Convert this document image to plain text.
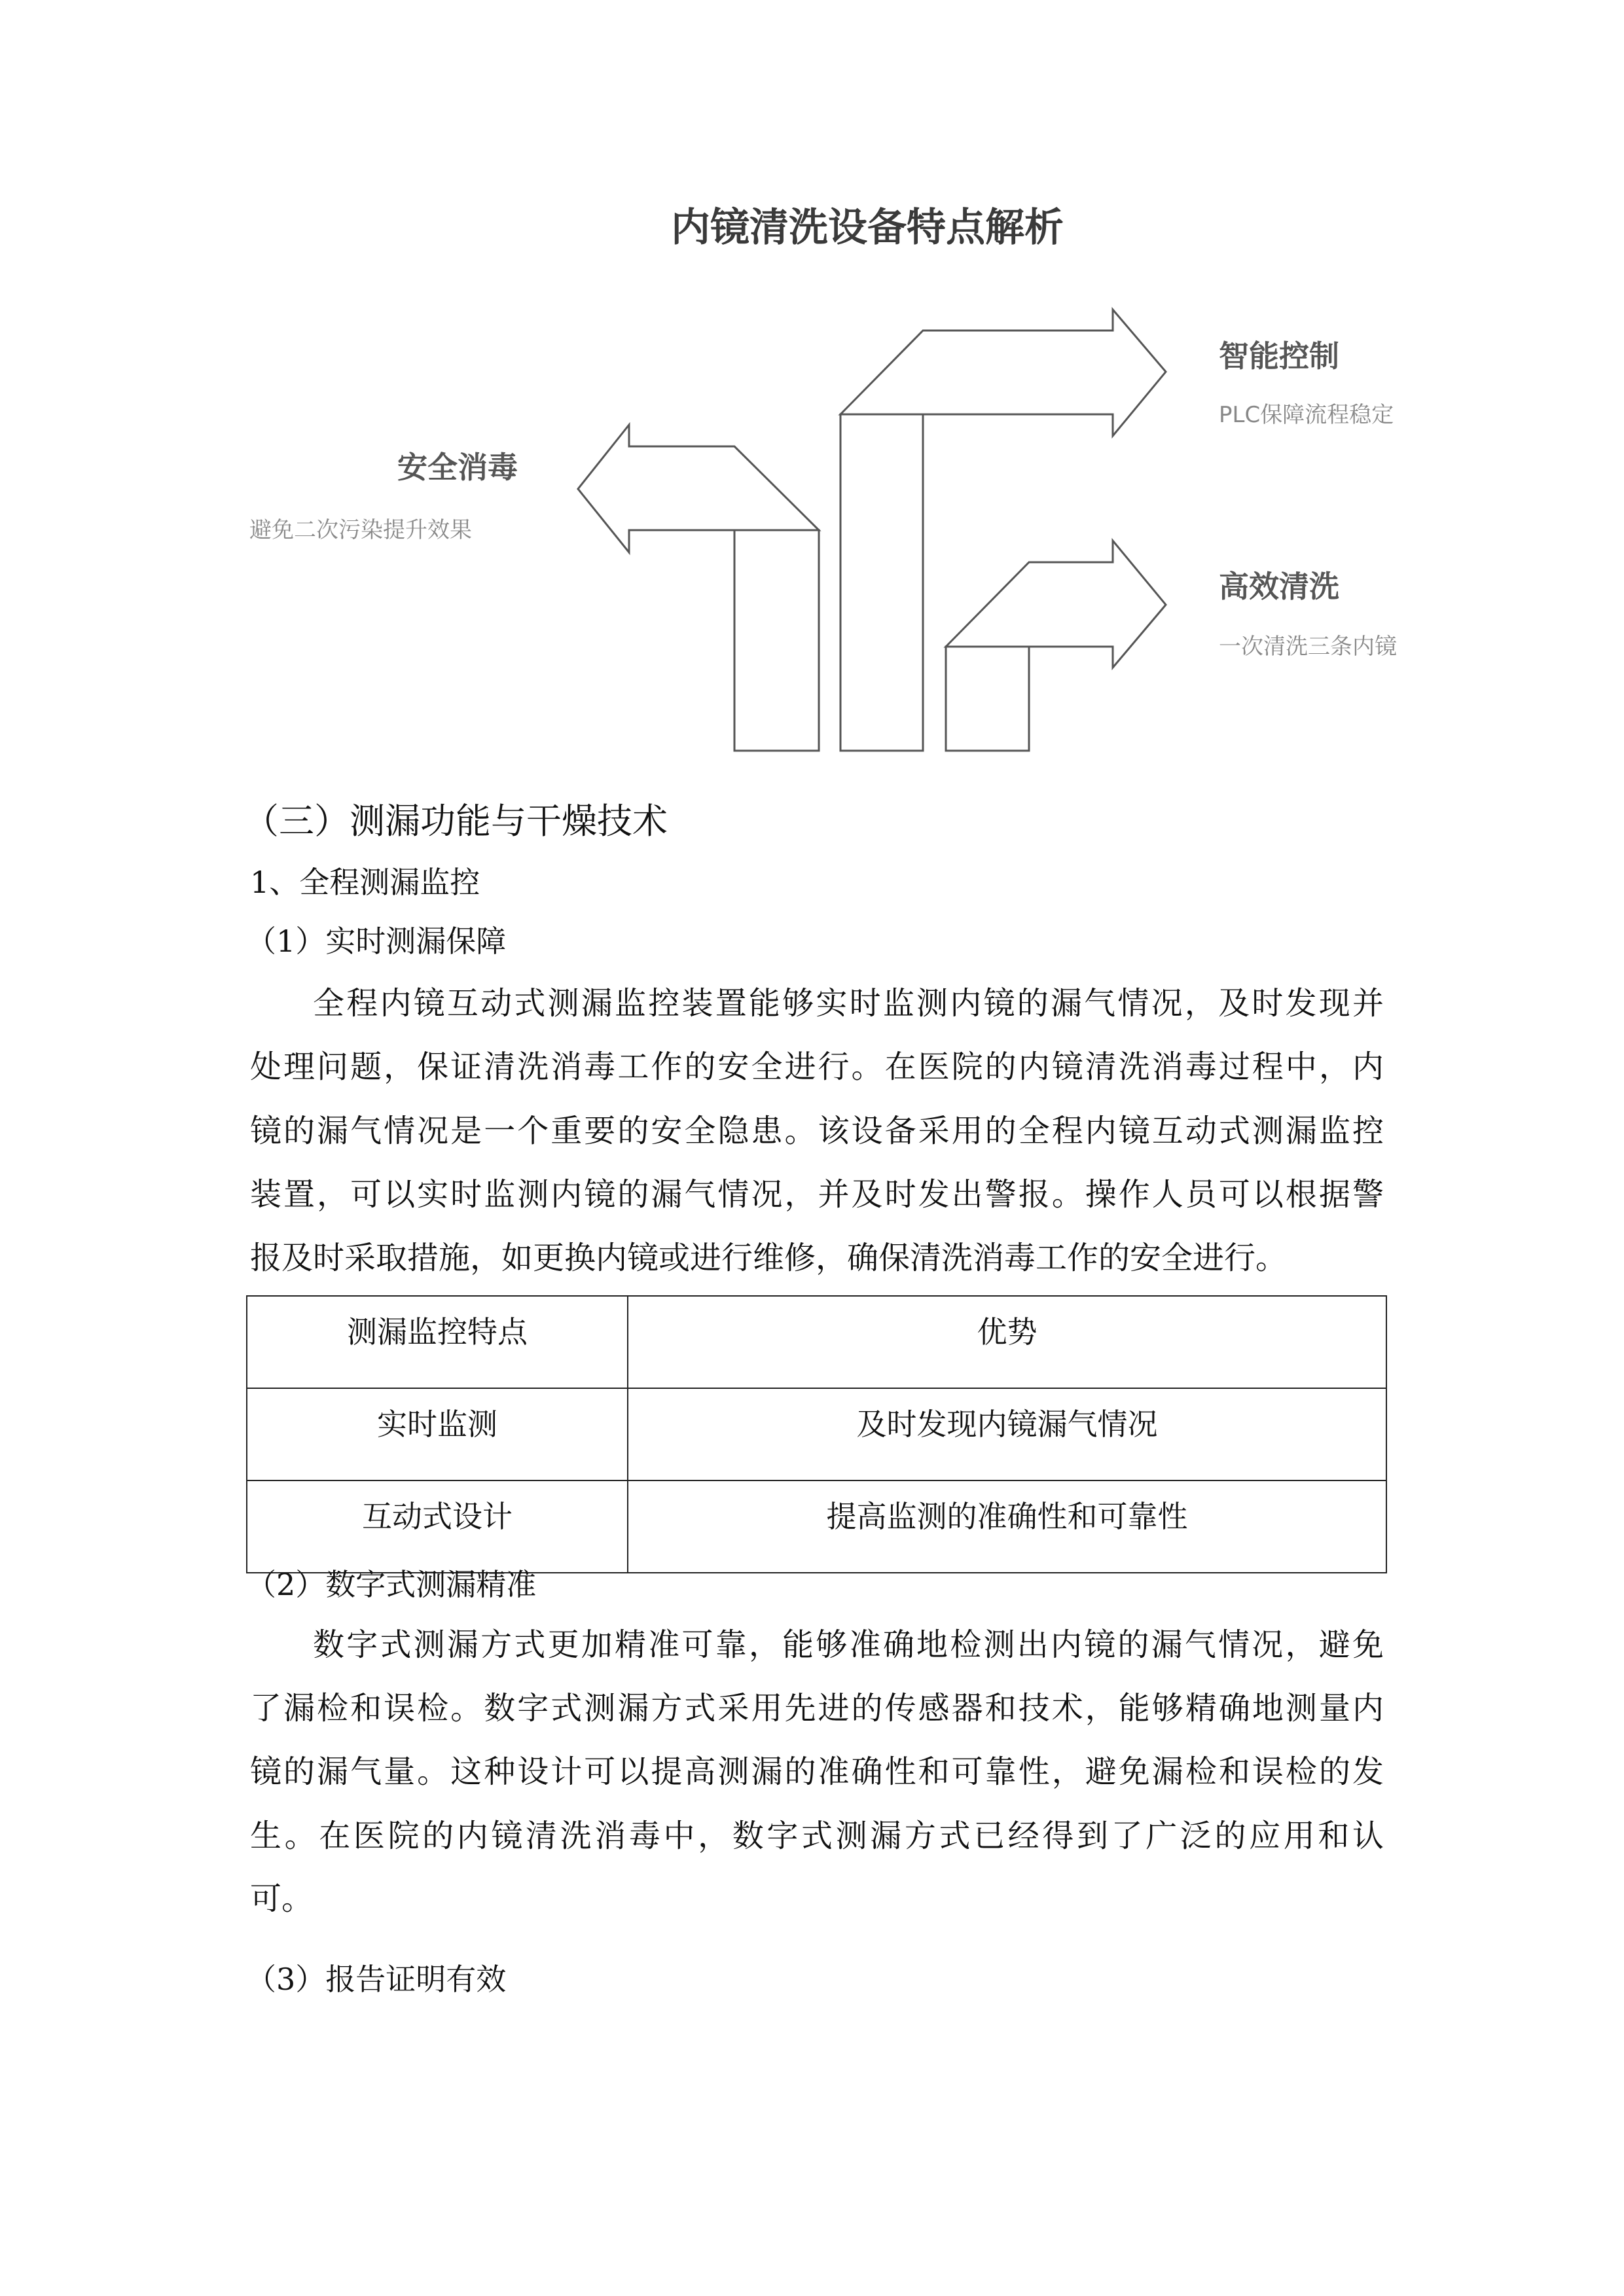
内镜清洗设备特点解析
安全消毒
避免二次污染提升效果
智能控制
PLC保障流程稳定
高效清洗
一次清洗三条内镜
（三）测漏功能与干燥技术
1、全程测漏监控
（1）实时测漏保障
全程内镜互动式测漏监控装置能够实时监测内镜的漏气情况，及时发现并
处理问题，保证清洗消毒工作的安全进行。在医院的内镜清洗消毒过程中，内
镜的漏气情况是一个重要的安全隐患。该设备采用的全程内镜互动式测漏监控
装置，可以实时监测内镜的漏气情况，并及时发出警报。操作人员可以根据警
报及时采取措施，如更换内镜或进行维修，确保清洗消毒工作的安全进行。
测漏监控特点	优势
实时监测	及时发现内镜漏气情况
互动式设计	提高监测的准确性和可靠性
（2）数字式测漏精准
数字式测漏方式更加精准可靠，能够准确地检测出内镜的漏气情况，避免
了漏检和误检。数字式测漏方式采用先进的传感器和技术，能够精确地测量内
镜的漏气量。这种设计可以提高测漏的准确性和可靠性，避免漏检和误检的发
生。在医院的内镜清洗消毒中，数字式测漏方式已经得到了广泛的应用和认
可。
（3）报告证明有效
